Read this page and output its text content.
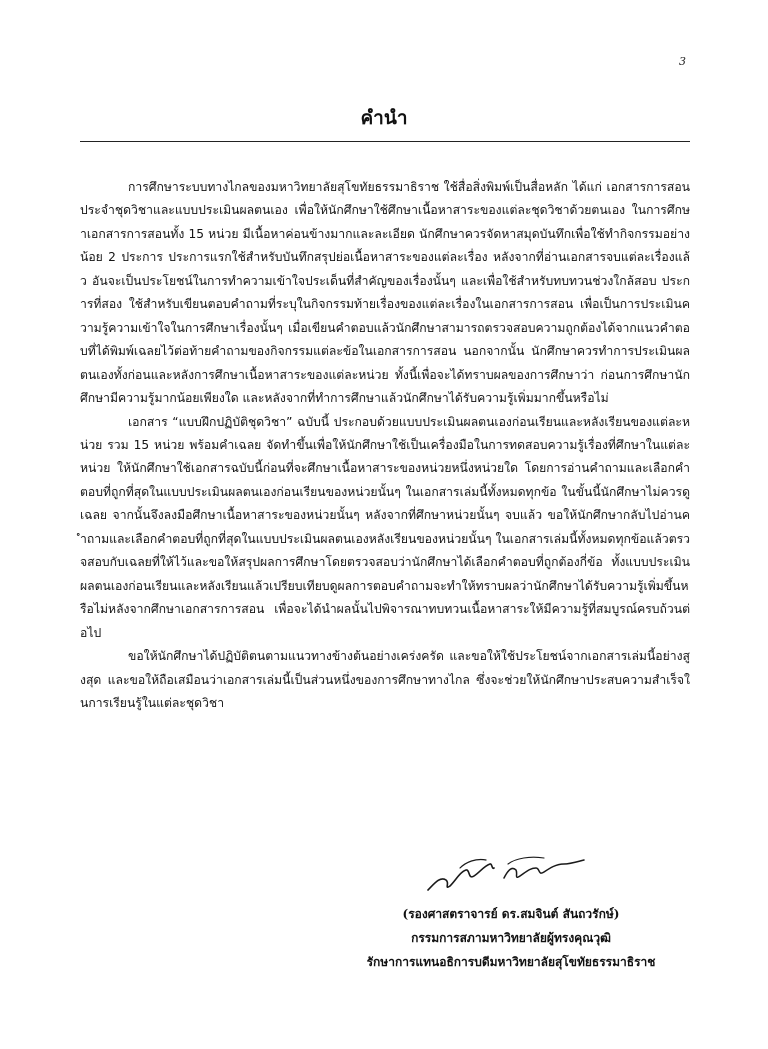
3
คำนำ

การศึกษาระบบทางไกลของมหาวิทยาลัยสุโขทัยธรรมาธิราช ใช้สื่อสิ่งพิมพ์เป็นสื่อหลัก ได้แก่ เอกสารการสอนประจำชุดวิชาและแบบประเมินผลตนเอง เพื่อให้นักศึกษาใช้ศึกษาเนื้อหาสาระของแต่ละชุดวิชาด้วยตนเอง ในการศึกษาเอกสารการสอนทั้ง 15 หน่วย มีเนื้อหาค่อนข้างมากและละเอียด นักศึกษาควรจัดหาสมุดบันทึกเพื่อใช้ทำกิจกรรมอย่างน้อย 2 ประการ ประการแรกใช้สำหรับบันทึกสรุปย่อเนื้อหาสาระของแต่ละเรื่อง หลังจากที่อ่านเอกสารจบแต่ละเรื่องแล้ว อันจะเป็นประโยชน์ในการทำความเข้าใจประเด็นที่สำคัญของเรื่องนั้นๆ และเพื่อใช้สำหรับทบทวนช่วงใกล้สอบ ประการที่สอง ใช้สำหรับเขียนตอบคำถามที่ระบุในกิจกรรมท้ายเรื่องของแต่ละเรื่องในเอกสารการสอน เพื่อเป็นการประเมินความรู้ความเข้าใจในการศึกษาเรื่องนั้นๆ เมื่อเขียนคำตอบแล้วนักศึกษาสามารถตรวจสอบความถูกต้องได้จากแนวคำตอบที่ได้พิมพ์เฉลยไว้ต่อท้ายคำถามของกิจกรรมแต่ละข้อในเอกสารการสอน นอกจากนั้น นักศึกษาควรทำการประเมินผลตนเองทั้งก่อนและหลังการศึกษาเนื้อหาสาระของแต่ละหน่วย ทั้งนี้เพื่อจะได้ทราบผลของการศึกษาว่า ก่อนการศึกษานักศึกษามีความรู้มากน้อยเพียงใด และหลังจากที่ทำการศึกษาแล้วนักศึกษาได้รับความรู้เพิ่มมากขึ้นหรือไม่

เอกสาร “แบบฝึกปฏิบัติชุดวิชา” ฉบับนี้ ประกอบด้วยแบบประเมินผลตนเองก่อนเรียนและหลังเรียนของแต่ละหน่วย รวม 15 หน่วย พร้อมคำเฉลย จัดทำขึ้นเพื่อให้นักศึกษาใช้เป็นเครื่องมือในการทดสอบความรู้เรื่องที่ศึกษาในแต่ละหน่วย ให้นักศึกษาใช้เอกสารฉบับนี้ก่อนที่จะศึกษาเนื้อหาสาระของหน่วยหนึ่งหน่วยใด โดยการอ่านคำถามและเลือกคำตอบที่ถูกที่สุดในแบบประเมินผลตนเองก่อนเรียนของหน่วยนั้นๆ ในเอกสารเล่มนี้ทั้งหมดทุกข้อ ในขั้นนี้นักศึกษาไม่ควรดูเฉลย จากนั้นจึงลงมือศึกษาเนื้อหาสาระของหน่วยนั้นๆ หลังจากที่ศึกษาหน่วยนั้นๆ จบแล้ว ขอให้นักศึกษากลับไปอ่านคำถามและเลือกคำตอบที่ถูกที่สุดในแบบประเมินผลตนเองหลังเรียนของหน่วยนั้นๆ ในเอกสารเล่มนี้ทั้งหมดทุกข้อแล้วตรวจสอบกับเฉลยที่ให้ไว้และขอให้สรุปผลการศึกษาโดยตรวจสอบว่านักศึกษาได้เลือกคำตอบที่ถูกต้องกี่ข้อ ทั้งแบบประเมินผลตนเองก่อนเรียนและหลังเรียนแล้วเปรียบเทียบดูผลการตอบคำถามจะทำให้ทราบผลว่านักศึกษาได้รับความรู้เพิ่มขึ้นหรือไม่หลังจากศึกษาเอกสารการสอน เพื่อจะได้นำผลนั้นไปพิจารณาทบทวนเนื้อหาสาระให้มีความรู้ที่สมบูรณ์ครบถ้วนต่อไป

ขอให้นักศึกษาได้ปฏิบัติตนตามแนวทางข้างต้นอย่างเคร่งครัด และขอให้ใช้ประโยชน์จากเอกสารเล่มนี้อย่างสูงสุด และขอให้ถือเสมือนว่าเอกสารเล่มนี้เป็นส่วนหนึ่งของการศึกษาทางไกล ซึ่งจะช่วยให้นักศึกษาประสบความสำเร็จในการเรียนรู้ในแต่ละชุดวิชา

(รองศาสตราจารย์ ดร.สมจินต์ สันถวรักษ์)
กรรมการสภามหาวิทยาลัยผู้ทรงคุณวุฒิ
รักษาการแทนอธิการบดีมหาวิทยาลัยสุโขทัยธรรมาธิราช
